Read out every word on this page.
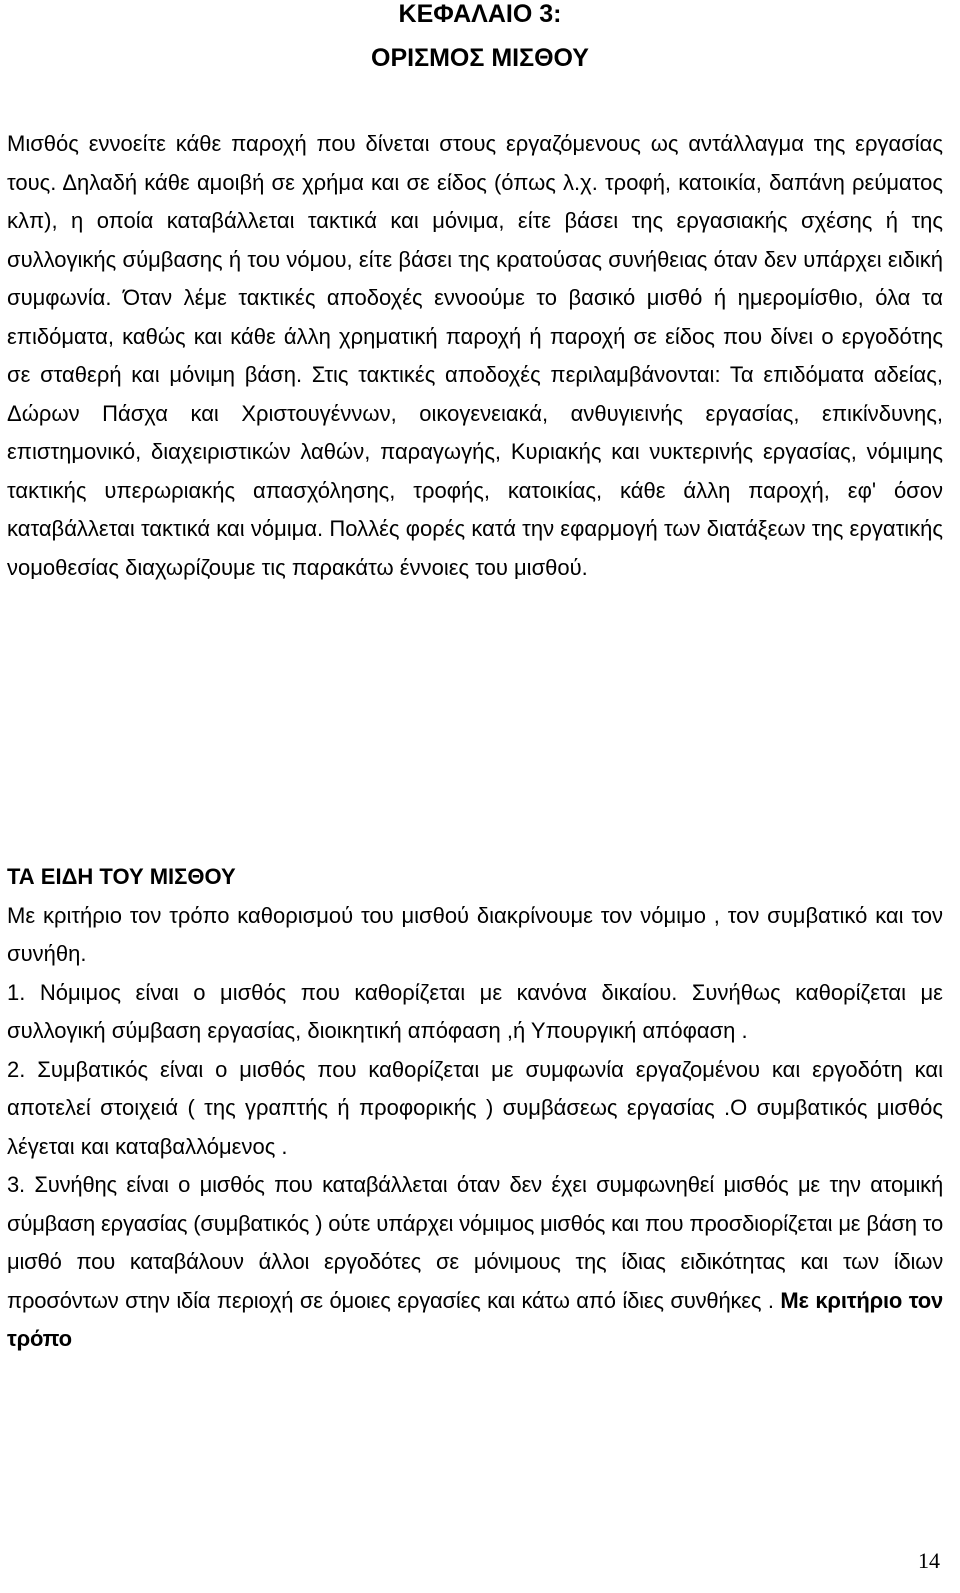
ΚΕΦΑΛΑΙΟ 3:
ΟΡΙΣΜΟΣ ΜΙΣΘΟΥ

Μισθός εννοείτε κάθε παροχή που δίνεται στους εργαζόμενους ως αντάλλαγμα της εργασίας τους. Δηλαδή κάθε αμοιβή σε χρήμα και σε είδος (όπως λ.χ. τροφή, κατοικία, δαπάνη ρεύματος κλπ), η οποία καταβάλλεται τακτικά και μόνιμα, είτε βάσει της εργασιακής σχέσης ή της συλλογικής σύμβασης ή του νόμου, είτε βάσει της κρατούσας συνήθειας όταν δεν υπάρχει ειδική συμφωνία. Όταν λέμε τακτικές αποδοχές εννοούμε το βασικό μισθό ή ημερομίσθιο, όλα τα επιδόματα, καθώς και κάθε άλλη χρηματική παροχή ή παροχή σε είδος που δίνει ο εργοδότης σε σταθερή και μόνιμη βάση. Στις τακτικές αποδοχές περιλαμβάνονται: Τα επιδόματα αδείας, Δώρων Πάσχα και Χριστουγέννων, οικογενειακά, ανθυγιεινής εργασίας, επικίνδυνης, επιστημονικό, διαχειριστικών λαθών, παραγωγής, Κυριακής και νυκτερινής εργασίας, νόμιμης τακτικής υπερωριακής απασχόλησης, τροφής, κατοικίας, κάθε άλλη παροχή, εφ' όσον καταβάλλεται τακτικά και νόμιμα. Πολλές φορές κατά την εφαρμογή των διατάξεων της εργατικής νομοθεσίας διαχωρίζουμε τις παρακάτω έννοιες του μισθού.

ΤΑ ΕΙΔΗ ΤΟΥ ΜΙΣΘΟΥ

Με κριτήριο τον τρόπο καθορισμού του μισθού διακρίνουμε τον νόμιμο , τον συμβατικό και τον συνήθη.

1. Νόμιμος είναι ο μισθός που καθορίζεται με κανόνα δικαίου. Συνήθως καθορίζεται με συλλογική σύμβαση εργασίας, διοικητική απόφαση ,ή Υπουργική απόφαση .

2. Συμβατικός είναι ο μισθός που καθορίζεται με συμφωνία εργαζομένου και εργοδότη και αποτελεί στοιχειά ( της γραπτής ή προφορικής ) συμβάσεως εργασίας .Ο συμβατικός μισθός λέγεται και καταβαλλόμενος .

3. Συνήθης είναι ο μισθός που καταβάλλεται όταν δεν έχει συμφωνηθεί μισθός με την ατομική σύμβαση εργασίας (συμβατικός ) ούτε υπάρχει νόμιμος μισθός και που προσδιορίζεται με βάση το μισθό που καταβάλουν άλλοι εργοδότες σε μόνιμους της ίδιας ειδικότητας και των ίδιων προσόντων στην ιδία περιοχή σε όμοιες εργασίες και κάτω από ίδιες συνθήκες . Με κριτήριο τον τρόπο

14
